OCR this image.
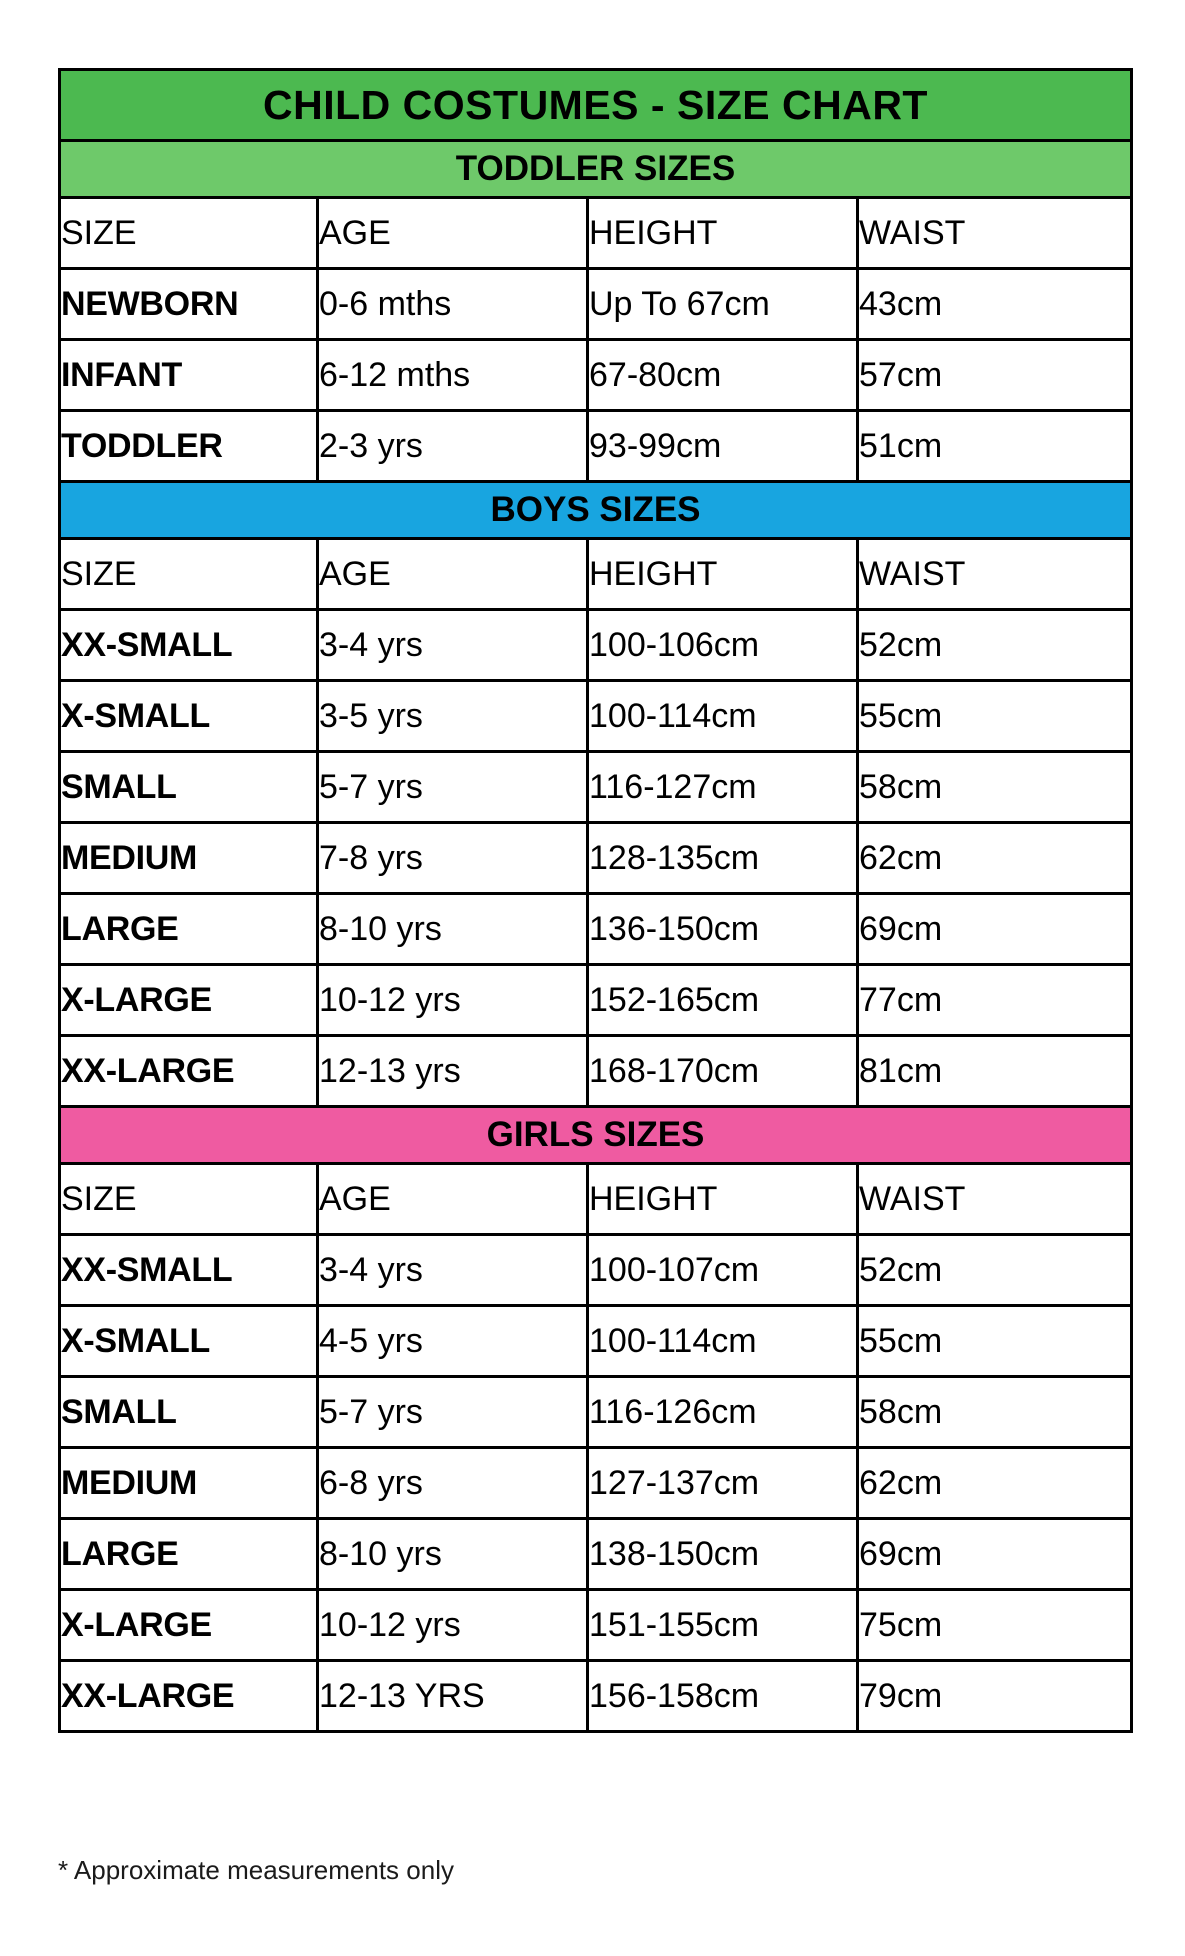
CHILD COSTUMES - SIZE CHART			
TODDLER SIZES			
SIZE	AGE	HEIGHT	WAIST
NEWBORN	0-6 mths	Up To 67cm	43cm
INFANT	6-12 mths	67-80cm	57cm
TODDLER	2-3 yrs	93-99cm	51cm
BOYS SIZES			
SIZE	AGE	HEIGHT	WAIST
XX-SMALL	3-4 yrs	100-106cm	52cm
X-SMALL	3-5 yrs	100-114cm	55cm
SMALL	5-7 yrs	116-127cm	58cm
MEDIUM	7-8 yrs	128-135cm	62cm
LARGE	8-10 yrs	136-150cm	69cm
X-LARGE	10-12 yrs	152-165cm	77cm
XX-LARGE	12-13 yrs	168-170cm	81cm
GIRLS SIZES			
SIZE	AGE	HEIGHT	WAIST
XX-SMALL	3-4 yrs	100-107cm	52cm
X-SMALL	4-5 yrs	100-114cm	55cm
SMALL	5-7 yrs	116-126cm	58cm
MEDIUM	6-8 yrs	127-137cm	62cm
LARGE	8-10 yrs	138-150cm	69cm
X-LARGE	10-12 yrs	151-155cm	75cm
XX-LARGE	12-13 YRS	156-158cm	79cm
* Approximate measurements only
